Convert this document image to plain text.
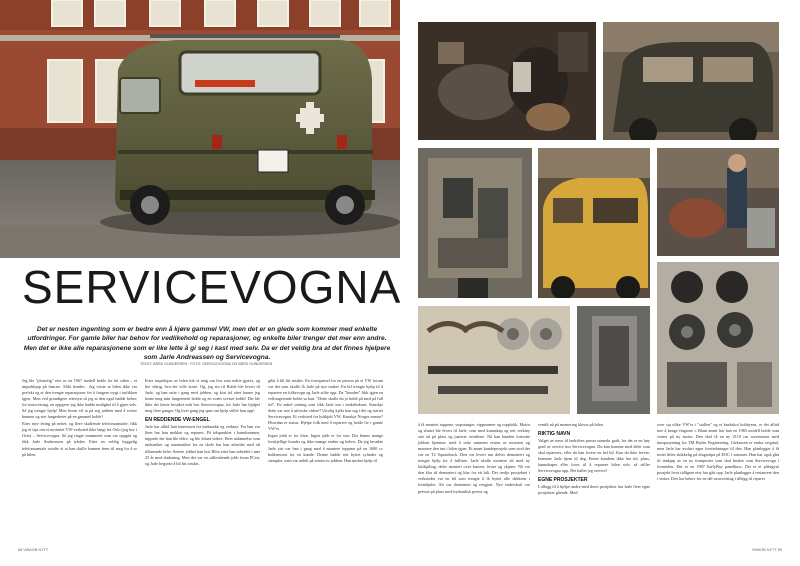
SERVICEVOGNA
Det er nesten ingenting som er bedre enn å kjøre gammel VW, men det er en glede som kommer med enkelte utfordringer. For gamle biler har behov for vedlikehold og reparasjoner, og enkelte biler trenger det mer enn andre. Men det er ikke alle reparasjonene som er like lette å gi seg i kast med selv. Da er det veldig bra at det finnes hjelpere som Jarle Andreassen og Servicevogna.
TEKST: BÅRD GUNDERSEN · FOTO: SERVICEVOGNA OG BÅRD GUNDERSEN

Jeg ble "plutselig" eier av en 1967 modell boble for litt siden – et impulskjøp på finn.no. Slikt hender... Jeg visste at bilen ikke var perfekt og at den trengte reparasjoner for å fungere trygt i trafikken igjen. Men ved grundigere ettersyn så jeg at den også hadde behov for rustsveising, en oppgave jeg ikke hadde mulighet til å gjøre selv. Så jeg trengte hjelp! Men hvem vil ta på seg jobben med å sveise bunnen og stet fangerheter på en gammel boble?

Etter mye leting på nettet, og flere skuffende telefonsamtaler, fikk jeg et tips om et nystartet VW-verksted ikke langt fra Oslo (jeg bor i Oslo) – Servicevogna. Så jeg ringte nummeret som var oppgitt og fikk Jarle Andreassen på tråden. Etter en veldig hyggelig telefonsamtale avtalte vi at han skulle komme frem til meg for å se på bilen.

Etter inspeksjon av bilen tok vi enig om hva som måtte gjøres, og lite viktig, hva det ville koste. Og, jeg sto til Boble ble levert til Jarle, og han satte i gang med jobben, og kort tid etter kunne jeg hente meg min fungerende boble og en svært sveiset boble! Det ble ikke det første besøket mitt hos Servicevogna, for Jarle har hjulpet meg flere ganger. Og hver gang jeg spør om hjelp stiller han opp!

EN REDDENDE VW-ENGEL

Jarle har alltid hatt interessen for mekanikk og verktøy. Fra han var liten har han mekket og reparert. På tidspunktet i barndommen, nippede der han ble eldre, og ble iblant videre. Etter utdannelse som mekaniker og automatiker fra en skole har han arbeidet med alt tilhørende biler. Senere jobbet han hos Bilia etter han arbeidet i nær 25 år med sladening. Men det var en stillestående jobb foran PCen, og Jarle begynte å bli litt rastløs.

gikk å bli litt rastløs. En forespørsel fra en person på et VW forum var det som skulle få Jarle på nye tanker. En bil trengte hjelp til å reparere en folkevogn og Jarle stilte opp. Da "kunden" fikk igjen en velfungerende boble sa han: "Dette skulle du jo holdt på med på full tid". En enkel setning som fikk Jarle inn i tenkeboksen. Kanskje dette var noe å utforske videre? Utrolig kjekt han sag i det og startet Servicevogna. Et verksted for luftkjølt VW. Kanskje Norges eneste? Hvordan er status. Hjelpe folk med å reparere og holde liv i gamle VW'er.

Ingen jobb er for liten. Ingen jobb er for stor. Det finnes mange forskjellige kunder og ikke mange endrer og behov. Da jeg besøkte Jarle sist var han i gang med å montere toppene på en 1600 cc boblemotor for en kunde. Denne hadde sett byttet sylindre og stempler, men var utdelt på resten av jobben. Han ønsket hjelp til

88 VWAOB NYTT

å få montert toppene, stopstanger, vippearmer og topplokk. Motor og sluttet ble levert til Jarle, som med kunnskap og rett verktøy satt alt på plass og justerte ventilene. Nå kan kunden fortsette jobben hjemme, med å sette sammen resten av motoren og montere den inn i bilen igjen. Et annet kundeprosjekt som stod der var en T2 Squareback. Den var levert inn delvis demontert og trengte hjelp for å fullføre. Jarle skulle montere alt med ny luftkjøling, deler montert over kursen, fester og skjøter. Nå var den klar til demontert og klar for ett bilt. Det tredje prosjektet i verkstedet var en bil som trengte å få byttet alle dekkene i fremhjulet. Alt var demontert og rengjort. Nye endreskaft var presset på plass med hydraulisk presse og

ventilt nå på montering klosse på bilen.

RIKTIG NAVN

Valget av navn til bedriften passer utmerkt godt, for det er en høy grad av service hos Servicevogna. Du kan komme med deler som skal repareres, eller du kan levere en hel bil. Kan du ikke levere, kommer Jarle hjem til deg. Enten kundens ikke har tid, plass, kunnskaper eller fotos til å reparere bilen selv, så stiller Servicevogna opp. Det kaller jeg service!

EGNE PROSJEKTER

I tillegg til å hjelpe andre med deres prosjekter har Jarle flere egne prosjekter gående. Med

over sju ulike VW'er i "stallen" og et knekskot hobbyens, er det alltid noe å henge fingrene i. Blant annet har han en 1965 modell boble som venter på ny motor. Den skal få en ny 2110 cm raceemotor med innsprøytning fra TM Bryhn Engineering. Girkassen er endra original, men Jarle har avslørt egne forsterkninger til den. Han planlegger å få testet bilen skikkelig på dragstripa på EOC i sommer. Han har også gått til innkjøp av en ny transporter som skal brukes som Servicevogn i fremtiden. Det er en 1967 EarlyBay panelbuss. Det er et påbegynt prosjekt hvor tidligere eier har gått opp. Jarle planlegger å restaurere den i vinter. Den har behov for en del rustsveising i tillegg til reparer

VWAOB NYTT 89
